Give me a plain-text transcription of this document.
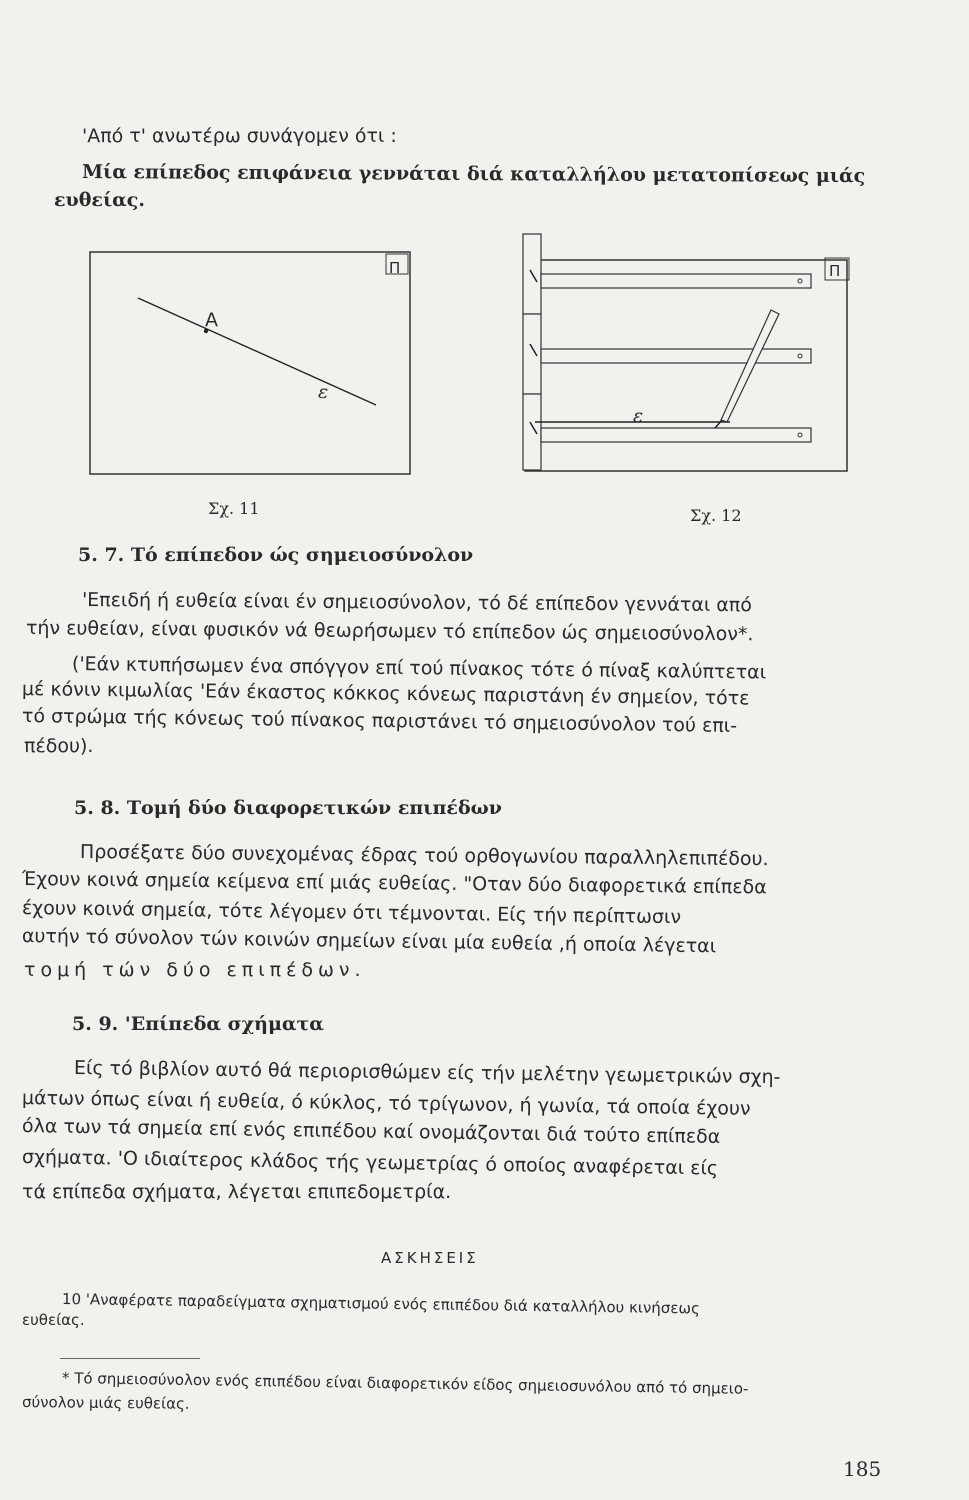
'Από τ' ανωτέρω συνάγομεν ότι :
Μία επίπεδος επιφάνεια γεννάται διά καταλλήλου μετατοπίσεως μιάς
ευθείας.
Π
Α
ε
Σχ. 11
Π
ε
Σχ. 12
5. 7. Τό επίπεδον ώς σημειοσύνολον
'Επειδή ή ευθεία είναι έν σημειοσύνολον, τό δέ επίπεδον γεννάται από
τήν ευθείαν, είναι φυσικόν νά θεωρήσωμεν τό επίπεδον ώς σημειοσύνολον*.
('Εάν κτυπήσωμεν ένα σπόγγον επί τού πίνακος τότε ό πίναξ καλύπτεται
μέ κόνιν κιμωλίας 'Εάν έκαστος κόκκος κόνεως παριστάνη έν σημείον, τότε
τό στρώμα τής κόνεως τού πίνακος παριστάνει τό σημειοσύνολον τού επι-
πέδου).
5. 8. Τομή δύο διαφορετικών επιπέδων
Προσέξατε δύο συνεχομένας έδρας τού ορθογωνίου παραλληλεπιπέδου.
Έχουν κοινά σημεία κείμενα επί μιάς ευθείας. "Οταν δύο διαφορετικά επίπεδα
έχουν κοινά σημεία, τότε λέγομεν ότι τέμνονται. Είς τήν περίπτωσιν
αυτήν τό σύνολον τών κοινών σημείων είναι μία ευθεία ,ή οποία λέγεται
τομή τών δύο επιπέδων.
5. 9. 'Επίπεδα σχήματα
Είς τό βιβλίον αυτό θά περιορισθώμεν είς τήν μελέτην γεωμετρικών σχη-
μάτων όπως είναι ή ευθεία, ό κύκλος, τό τρίγωνον, ή γωνία, τά οποία έχουν
όλα των τά σημεία επί ενός επιπέδου καί ονομάζονται διά τούτο επίπεδα
σχήματα. 'Ο ιδιαίτερος κλάδος τής γεωμετρίας ό οποίος αναφέρεται είς
τά επίπεδα σχήματα, λέγεται επιπεδομετρία.
ΑΣΚΗΣΕΙΣ
10 'Αναφέρατε παραδείγματα σχηματισμού ενός επιπέδου διά καταλλήλου κινήσεως
ευθείας.
* Τό σημειοσύνολον ενός επιπέδου είναι διαφορετικόν είδος σημειοσυνόλου από τό σημειο-
σύνολον μιάς ευθείας.
185
